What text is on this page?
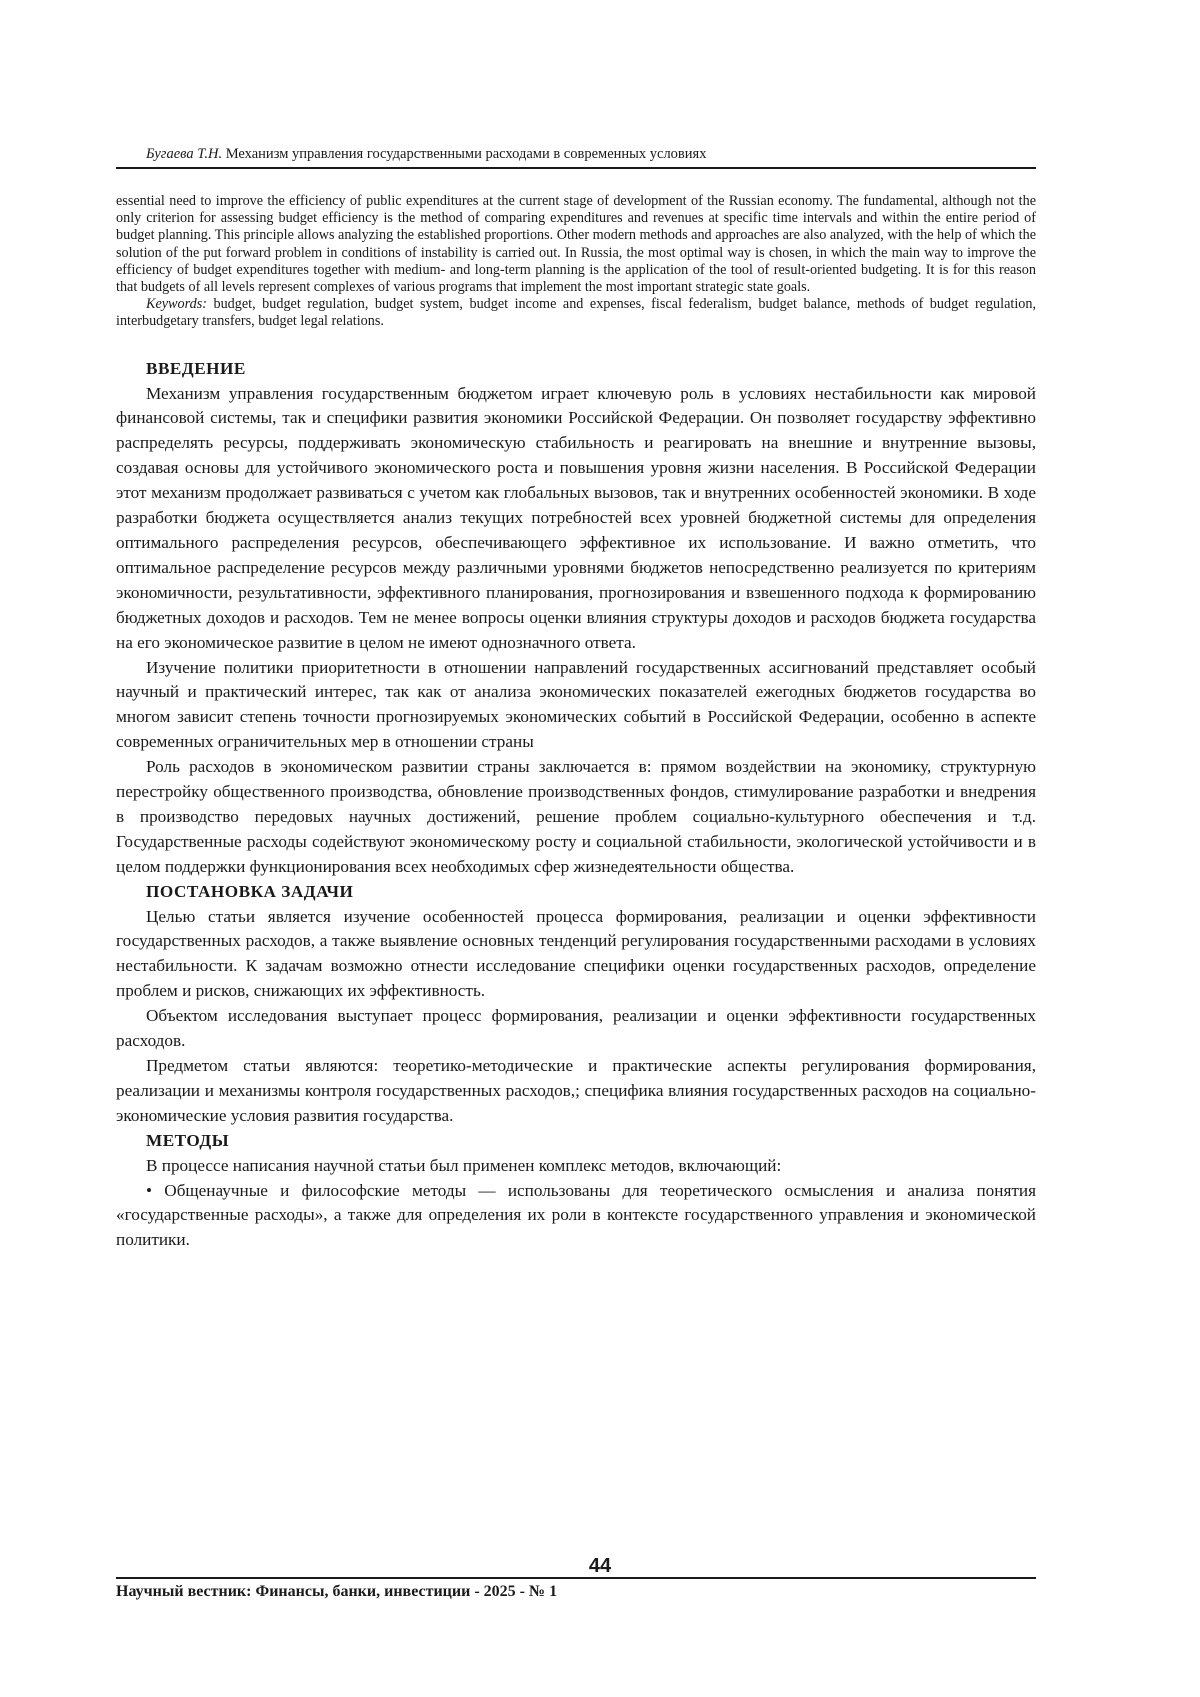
Бугаева Т.Н. Механизм управления государственными расходами в современных условиях

essential need to improve the efficiency of public expenditures at the current stage of development of the Russian economy. The fundamental, although not the only criterion for assessing budget efficiency is the method of comparing expenditures and revenues at specific time intervals and within the entire period of budget planning. This principle allows analyzing the established proportions. Other modern methods and approaches are also analyzed, with the help of which the solution of the put forward problem in conditions of instability is carried out. In Russia, the most optimal way is chosen, in which the main way to improve the efficiency of budget expenditures together with medium- and long-term planning is the application of the tool of result-oriented budgeting. It is for this reason that budgets of all levels represent complexes of various programs that implement the most important strategic state goals.

Keywords: budget, budget regulation, budget system, budget income and expenses, fiscal federalism, budget balance, methods of budget regulation, interbudgetary transfers, budget legal relations.

ВВЕДЕНИЕ

Механизм управления государственным бюджетом играет ключевую роль в условиях нестабильности как мировой финансовой системы, так и специфики развития экономики Российской Федерации. Он позволяет государству эффективно распределять ресурсы, поддерживать экономическую стабильность и реагировать на внешние и внутренние вызовы, создавая основы для устойчивого экономического роста и повышения уровня жизни населения. В Российской Федерации этот механизм продолжает развиваться с учетом как глобальных вызовов, так и внутренних особенностей экономики. В ходе разработки бюджета осуществляется анализ текущих потребностей всех уровней бюджетной системы для определения оптимального распределения ресурсов, обеспечивающего эффективное их использование. И важно отметить, что оптимальное распределение ресурсов между различными уровнями бюджетов непосредственно реализуется по критериям экономичности, результативности, эффективного планирования, прогнозирования и взвешенного подхода к формированию бюджетных доходов и расходов. Тем не менее вопросы оценки влияния структуры доходов и расходов бюджета государства на его экономическое развитие в целом не имеют однозначного ответа.

Изучение политики приоритетности в отношении направлений государственных ассигнований представляет особый научный и практический интерес, так как от анализа экономических показателей ежегодных бюджетов государства во многом зависит степень точности прогнозируемых экономических событий в Российской Федерации, особенно в аспекте современных ограничительных мер в отношении страны

Роль расходов в экономическом развитии страны заключается в: прямом воздействии на экономику, структурную перестройку общественного производства, обновление производственных фондов, стимулирование разработки и внедрения в производство передовых научных достижений, решение проблем социально-культурного обеспечения и т.д. Государственные расходы содействуют экономическому росту и социальной стабильности, экологической устойчивости и в целом поддержки функционирования всех необходимых сфер жизнедеятельности общества.

ПОСТАНОВКА ЗАДАЧИ

Целью статьи является изучение особенностей процесса формирования, реализации и оценки эффективности государственных расходов, а также выявление основных тенденций регулирования государственными расходами в условиях нестабильности. К задачам возможно отнести исследование специфики оценки государственных расходов, определение проблем и рисков, снижающих их эффективность.

Объектом исследования выступает процесс формирования, реализации и оценки эффективности государственных расходов.

Предметом статьи являются: теоретико-методические и практические аспекты регулирования формирования, реализации и механизмы контроля государственных расходов,; специфика влияния государственных расходов на социально-экономические условия развития государства.

МЕТОДЫ

В процессе написания научной статьи был применен комплекс методов, включающий:

• Общенаучные и философские методы — использованы для теоретического осмысления и анализа понятия «государственные расходы», а также для определения их роли в контексте государственного управления и экономической политики.

44
Научный вестник: Финансы, банки, инвестиции - 2025 - № 1
